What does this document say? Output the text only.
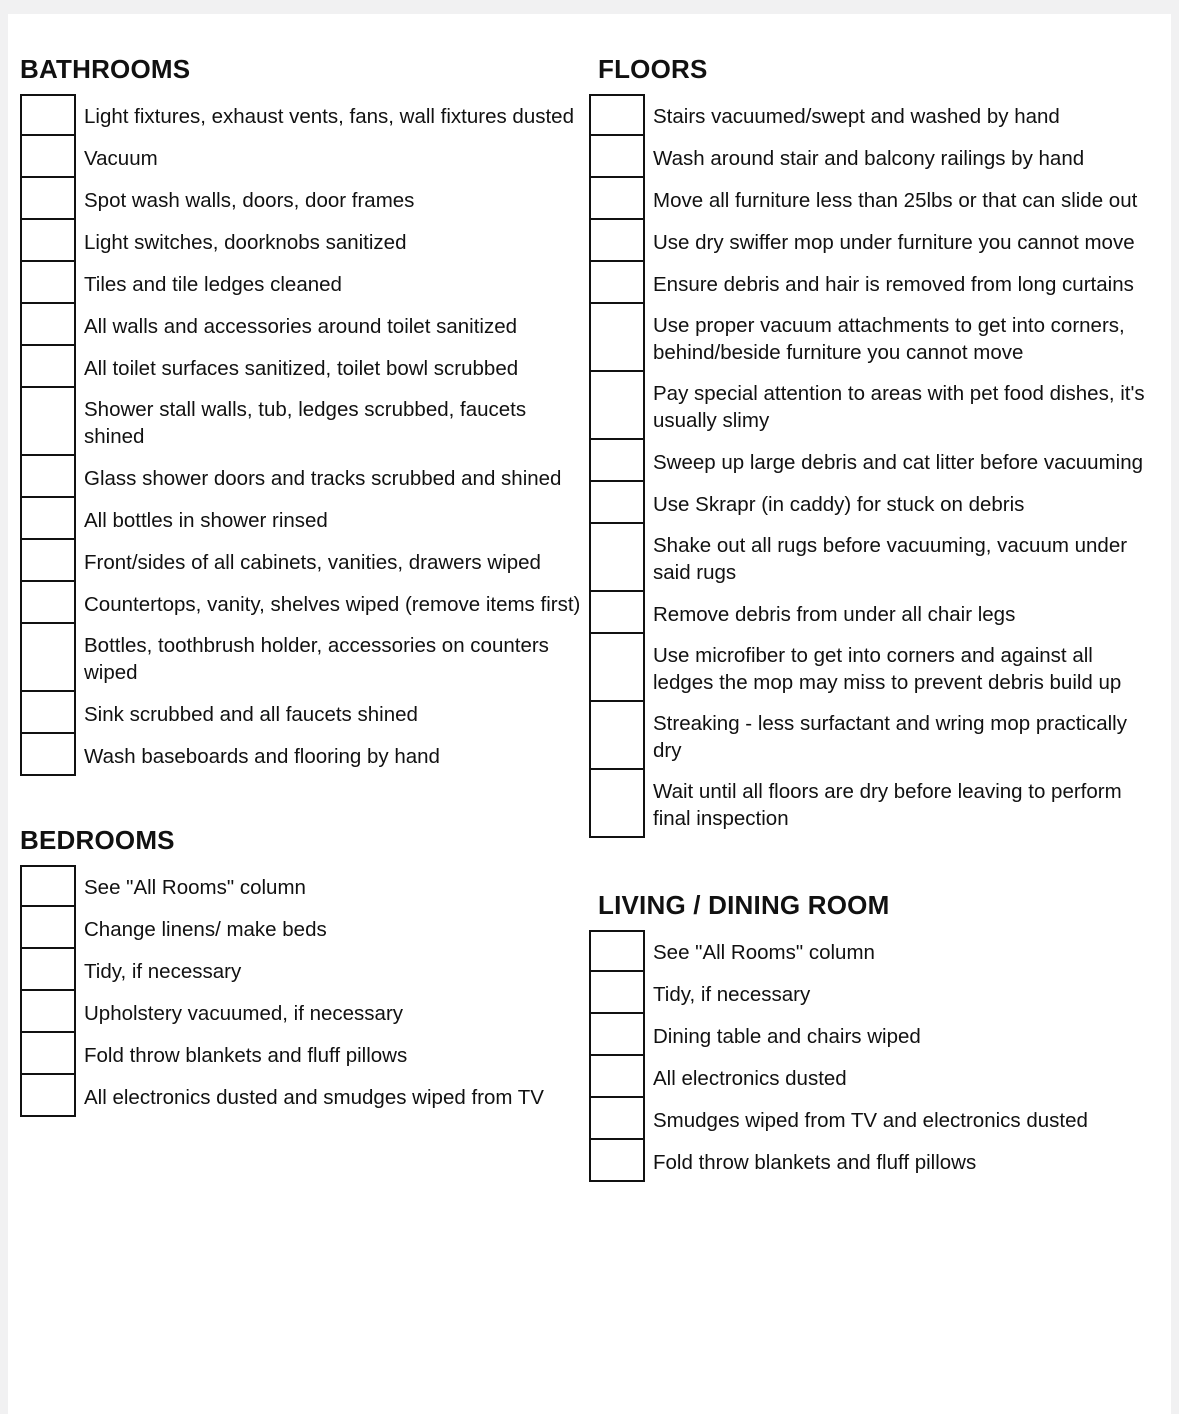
BATHROOMS
Light fixtures, exhaust vents, fans, wall fixtures dusted
Vacuum
Spot wash walls, doors, door frames
Light switches, doorknobs sanitized
Tiles and tile ledges cleaned
All walls and accessories around toilet sanitized
All toilet surfaces sanitized, toilet bowl scrubbed
Shower stall walls, tub, ledges scrubbed, faucets
shined
Glass shower doors and tracks scrubbed and shined
All bottles in shower rinsed
Front/sides of all cabinets, vanities, drawers wiped
Countertops, vanity, shelves wiped (remove items first)
Bottles, toothbrush holder, accessories on counters
wiped
Sink scrubbed and all faucets shined
Wash baseboards and flooring by hand
BEDROOMS
See "All Rooms" column
Change linens/ make beds
Tidy, if necessary
Upholstery vacuumed, if necessary
Fold throw blankets and fluff pillows
All electronics dusted and smudges wiped from TV
FLOORS
Stairs vacuumed/swept and washed by hand
Wash around stair and balcony railings by hand
Move all furniture less than 25lbs or that can slide out
Use dry swiffer mop under furniture you cannot move
Ensure debris and hair is removed from long curtains
Use proper vacuum attachments to get into corners,
behind/beside furniture you cannot move
Pay special attention to areas with pet food dishes, it's
usually slimy
Sweep up large debris and cat litter before vacuuming
Use Skrapr (in caddy) for stuck on debris
Shake out all rugs before vacuuming, vacuum under
said rugs
Remove debris from under all chair legs
Use microfiber to get into corners and against all
ledges the mop may miss to prevent debris build up
Streaking - less surfactant and wring mop practically
dry
Wait until all floors are dry before leaving to perform
final inspection
LIVING / DINING ROOM
See "All Rooms" column
Tidy, if necessary
Dining table and chairs wiped
All electronics dusted
Smudges wiped from TV and electronics dusted
Fold throw blankets and fluff pillows
